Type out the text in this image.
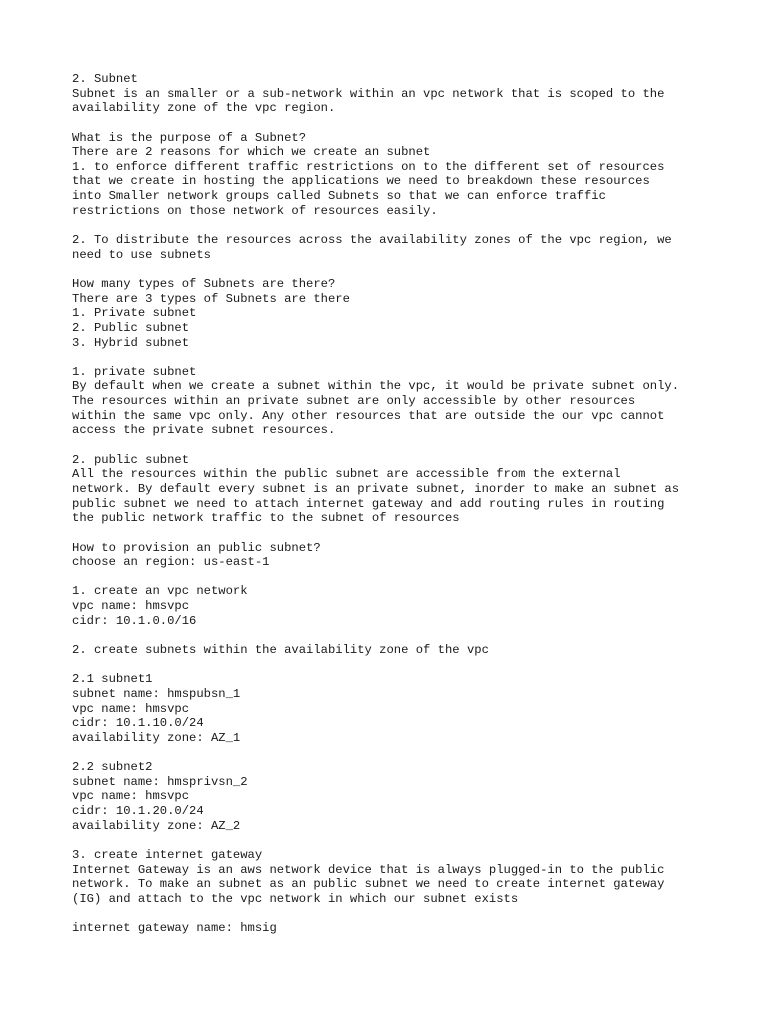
2. Subnet
Subnet is an smaller or a sub-network within an vpc network that is scoped to the
availability zone of the vpc region.
What is the purpose of a Subnet?
There are 2 reasons for which we create an subnet
1. to enforce different traffic restrictions on to the different set of resources
that we create in hosting the applications we need to breakdown these resources
into Smaller network groups called Subnets so that we can enforce traffic
restrictions on those network of resources easily.
2. To distribute the resources across the availability zones of the vpc region, we
need to use subnets
How many types of Subnets are there?
There are 3 types of Subnets are there
1. Private subnet
2. Public subnet
3. Hybrid subnet
1. private subnet
By default when we create a subnet within the vpc, it would be private subnet only.
The resources within an private subnet are only accessible by other resources
within the same vpc only. Any other resources that are outside the our vpc cannot
access the private subnet resources.
2. public subnet
All the resources within the public subnet are accessible from the external
network. By default every subnet is an private subnet, inorder to make an subnet as
public subnet we need to attach internet gateway and add routing rules in routing
the public network traffic to the subnet of resources
How to provision an public subnet?
choose an region: us-east-1
1. create an vpc network
vpc name: hmsvpc
cidr: 10.1.0.0/16
2. create subnets within the availability zone of the vpc
2.1 subnet1
subnet name: hmspubsn_1
vpc name: hmsvpc
cidr: 10.1.10.0/24
availability zone: AZ_1
2.2 subnet2
subnet name: hmsprivsn_2
vpc name: hmsvpc
cidr: 10.1.20.0/24
availability zone: AZ_2
3. create internet gateway
Internet Gateway is an aws network device that is always plugged-in to the public
network. To make an subnet as an public subnet we need to create internet gateway
(IG) and attach to the vpc network in which our subnet exists
internet gateway name: hmsig
